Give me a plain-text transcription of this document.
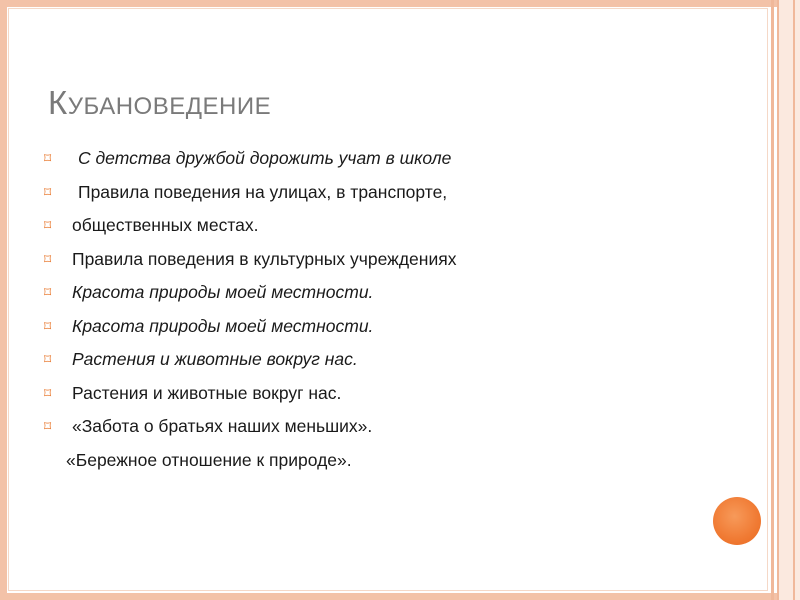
КУБАНОВЕДЕНИЕ
⌑	С детства дружбой дорожить учат в школе
⌑	Правила поведения на улицах, в транспорте,
⌑	общественных местах.
⌑	Правила поведения в культурных учреждениях
⌑	Красота природы моей местности.
⌑	Красота природы моей местности.
⌑	Растения и животные вокруг нас.
⌑	Растения и животные вокруг нас.
⌑	«Забота о братьях наших меньших».
«Бережное отношение к природе».
